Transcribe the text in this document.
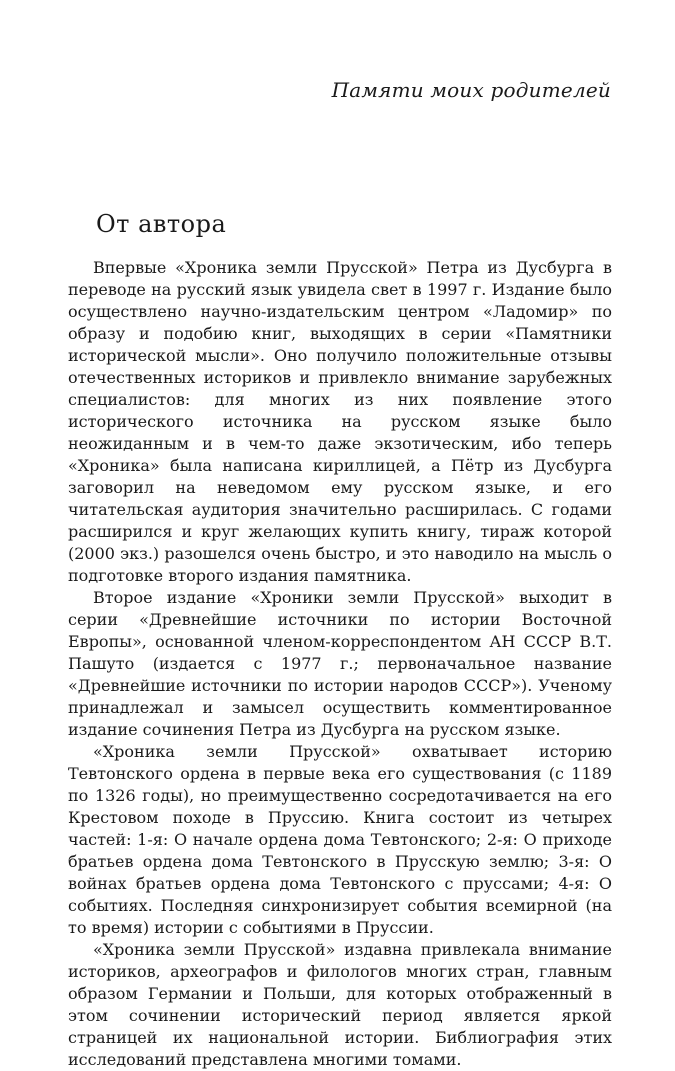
Памяти моих родителей
От автора

Впервые «Хроника земли Прусской» Петра из Дусбурга в переводе на русский язык увидела свет в 1997 г. Издание было осуществлено научно-издательским центром «Ладомир» по образу и подобию книг, выходящих в серии «Памятники исторической мысли». Оно получило положительные отзывы отечественных историков и привлекло внимание зарубежных специалистов: для многих из них появление этого исторического источника на русском языке было неожиданным и в чем-то даже экзотическим, ибо теперь «Хроника» была написана кириллицей, а Пётр из Дусбурга заговорил на неведомом ему русском языке, и его читательская аудитория значительно расширилась. С годами расширился и круг желающих купить книгу, тираж которой (2000 экз.) разошелся очень быстро, и это наводило на мысль о подготовке второго издания памятника.

Второе издание «Хроники земли Прусской» выходит в серии «Древнейшие источники по истории Восточной Европы», основанной членом-корреспондентом АН СССР В.Т. Пашуто (издается с 1977 г.; первоначальное название «Древнейшие источники по истории народов СССР»). Ученому принадлежал и замысел осуществить комментированное издание сочинения Петра из Дусбурга на русском языке.

«Хроника земли Прусской» охватывает историю Тевтонского ордена в первые века его существования (с 1189 по 1326 годы), но преимущественно сосредотачивается на его Крестовом походе в Пруссию. Книга состоит из четырех частей: 1-я: О начале ордена дома Тевтонского; 2-я: О приходе братьев ордена дома Тевтонского в Прусскую землю; 3-я: О войнах братьев ордена дома Тевтонского с пруссами; 4-я: О событиях. Последняя синхронизирует события всемирной (на то время) истории с событиями в Пруссии.

«Хроника земли Прусской» издавна привлекала внимание историков, археографов и филологов многих стран, главным образом Германии и Польши, для которых отображенный в этом сочинении исторический период является яркой страницей их национальной истории. Библиография этих исследований представлена многими томами.
